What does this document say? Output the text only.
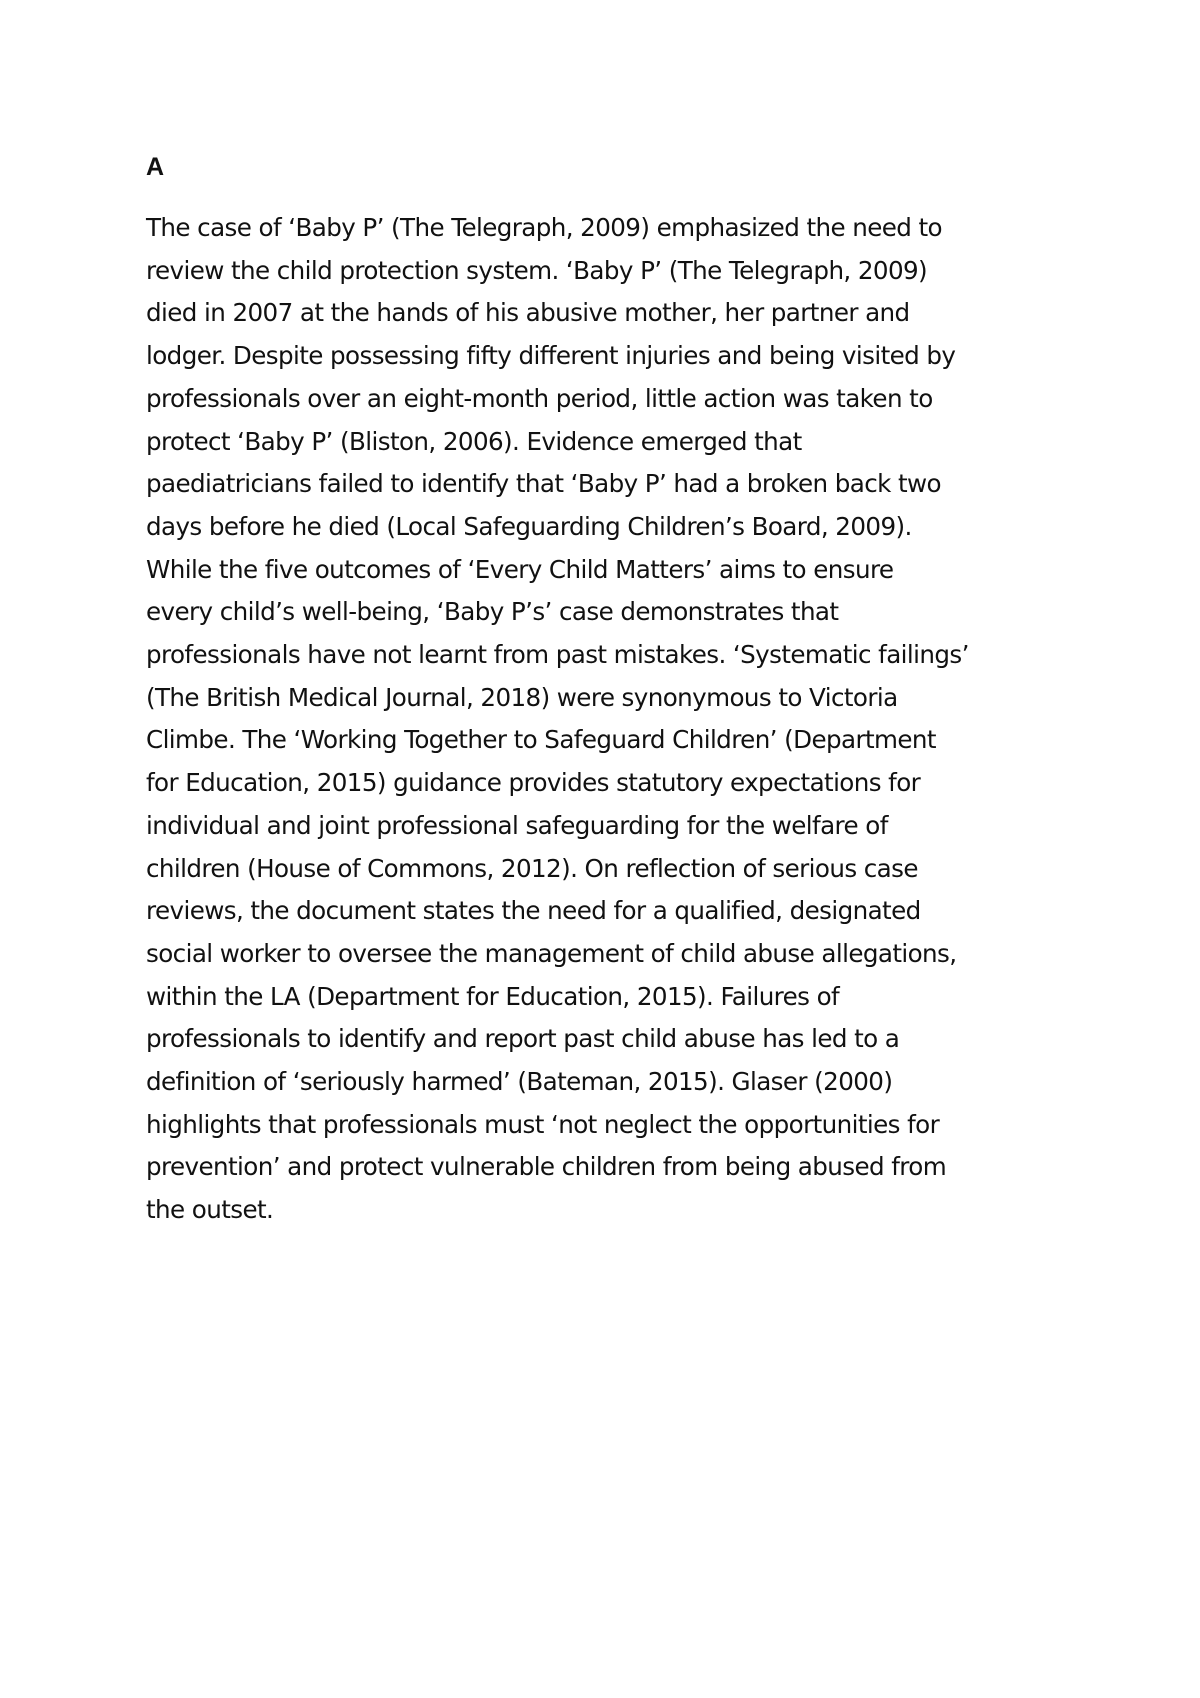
A

The case of ‘Baby P’ (The Telegraph, 2009) emphasized the need to
review the child protection system. ‘Baby P’ (The Telegraph, 2009)
died in 2007 at the hands of his abusive mother, her partner and
lodger. Despite possessing fifty different injuries and being visited by
professionals over an eight-month period, little action was taken to
protect ‘Baby P’ (Bliston, 2006). Evidence emerged that
paediatricians failed to identify that ‘Baby P’ had a broken back two
days before he died (Local Safeguarding Children’s Board, 2009).
While the five outcomes of ‘Every Child Matters’ aims to ensure
every child’s well-being, ‘Baby P’s’ case demonstrates that
professionals have not learnt from past mistakes. ‘Systematic failings’
(The British Medical Journal, 2018) were synonymous to Victoria
Climbe. The ‘Working Together to Safeguard Children’ (Department
for Education, 2015) guidance provides statutory expectations for
individual and joint professional safeguarding for the welfare of
children (House of Commons, 2012). On reflection of serious case
reviews, the document states the need for a qualified, designated
social worker to oversee the management of child abuse allegations,
within the LA (Department for Education, 2015). Failures of
professionals to identify and report past child abuse has led to a
definition of ‘seriously harmed’ (Bateman, 2015). Glaser (2000)
highlights that professionals must ‘not neglect the opportunities for
prevention’ and protect vulnerable children from being abused from
the outset.
